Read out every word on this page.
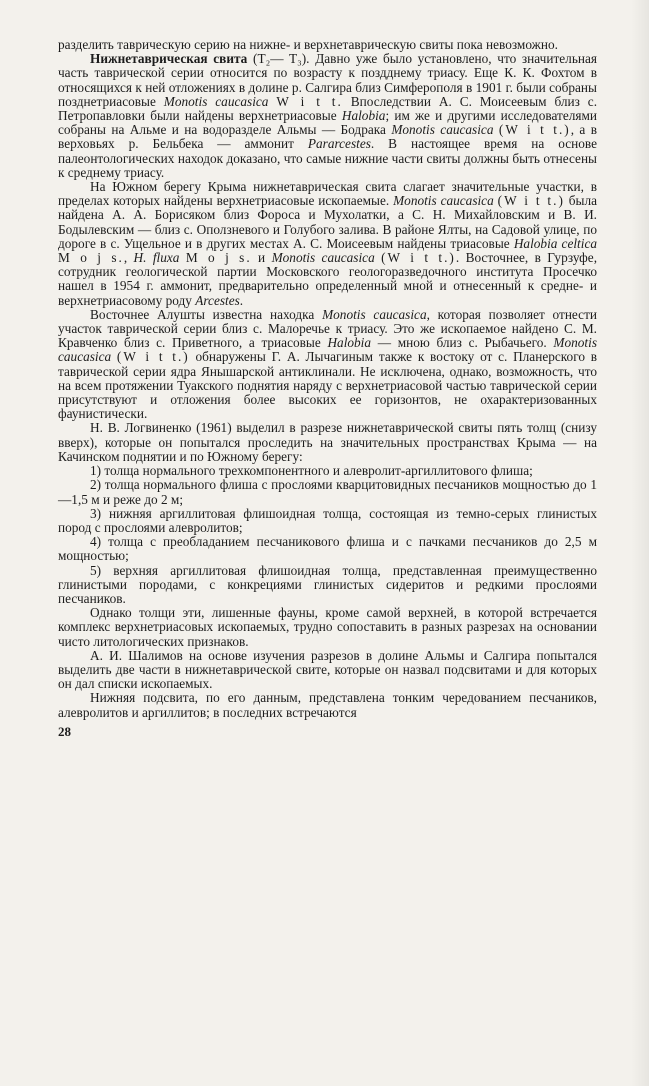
разделить таврическую серию на нижне- и верхнетаврическую свиты пока невозможно.

Нижнетаврическая свита (T₂— T₃). Давно уже было установлено, что значительная часть таврической серии относится по возрасту к поздднему триасу. Еще К. К. Фохтом в относящихся к ней отложениях в долине р. Салгира близ Симферополя в 1901 г. были собраны позднетриасовые Monotis caucasica W i t t. Впоследствии А. С. Моисеевым близ с. Петропавловки были найдены верхнетриасовые Halobia; им же и другими исследователями собраны на Альме и на водоразделе Альмы — Бодрака Monotis caucasica (W i t t.), а в верховьях р. Бельбека — аммонит Pararcestes. В настоящее время на основе палеонтологических находок доказано, что самые нижние части свиты должны быть отнесены к среднему триасу.

На Южном берегу Крыма нижнетаврическая свита слагает значительные участки, в пределах которых найдены верхнетриасовые ископаемые. Monotis caucasica (W i t t.) была найдена А. А. Борисяком близ Фороса и Мухолатки, а С. Н. Михайловским и В. И. Бодылевским — близ с. Оползневого и Голубого залива. В районе Ялты, на Садовой улице, по дороге в с. Ущельное и в других местах А. С. Моисеевым найдены триасовые Halobia celtica M o j s., H. fluxa M o j s. и Monotis caucasica (W i t t.). Восточнее, в Гурзуфе, сотрудник геологической партии Московского геологоразведочного института Просечко нашел в 1954 г. аммонит, предварительно определенный мной и отнесенный к средне- и верхнетриасовому роду Arcestes.

Восточнее Алушты известна находка Monotis caucasica, которая позволяет отнести участок таврической серии близ с. Малоречье к триасу. Это же ископаемое найдено С. М. Кравченко близ с. Приветного, а триасовые Halobia — мною близ с. Рыбачьего. Monotis caucasica (W i t t.) обнаружены Г. А. Лычагиным также к востоку от с. Планерского в таврической серии ядра Янышарской антиклинали. Не исключена, однако, возможность, что на всем протяжении Туакского поднятия наряду с верхнетриасовой частью таврической серии присутствуют и отложения более высоких ее горизонтов, не охарактеризованных фаунистически.

Н. В. Логвиненко (1961) выделил в разрезе нижнетаврической свиты пять толщ (снизу вверх), которые он попытался проследить на значительных пространствах Крыма — на Качинском поднятии и по Южному берегу:

1) толща нормального трехкомпонентного и алевролит-аргиллитового флиша;

2) толща нормального флиша с прослоями кварцитовидных песчаников мощностью до 1—1,5 м и реже до 2 м;

3) нижняя аргиллитовая флишоидная толща, состоящая из темно-серых глинистых пород с прослоями алевролитов;

4) толща с преобладанием песчаникового флиша и с пачками песчаников до 2,5 м мощностью;

5) верхняя аргиллитовая флишоидная толща, представленная преимущественно глинистыми породами, с конкрециями глинистых сидеритов и редкими прослоями песчаников.

Однако толщи эти, лишенные фауны, кроме самой верхней, в которой встречается комплекс верхнетриасовых ископаемых, трудно сопоставить в разных разрезах на основании чисто литологических признаков.

А. И. Шалимов на основе изучения разрезов в долине Альмы и Салгира попытался выделить две части в нижнетаврической свите, которые он назвал подсвитами и для которых он дал списки ископаемых.

Нижняя подсвита, по его данным, представлена тонким чередованием песчаников, алевролитов и аргиллитов; в последних встречаются

28
